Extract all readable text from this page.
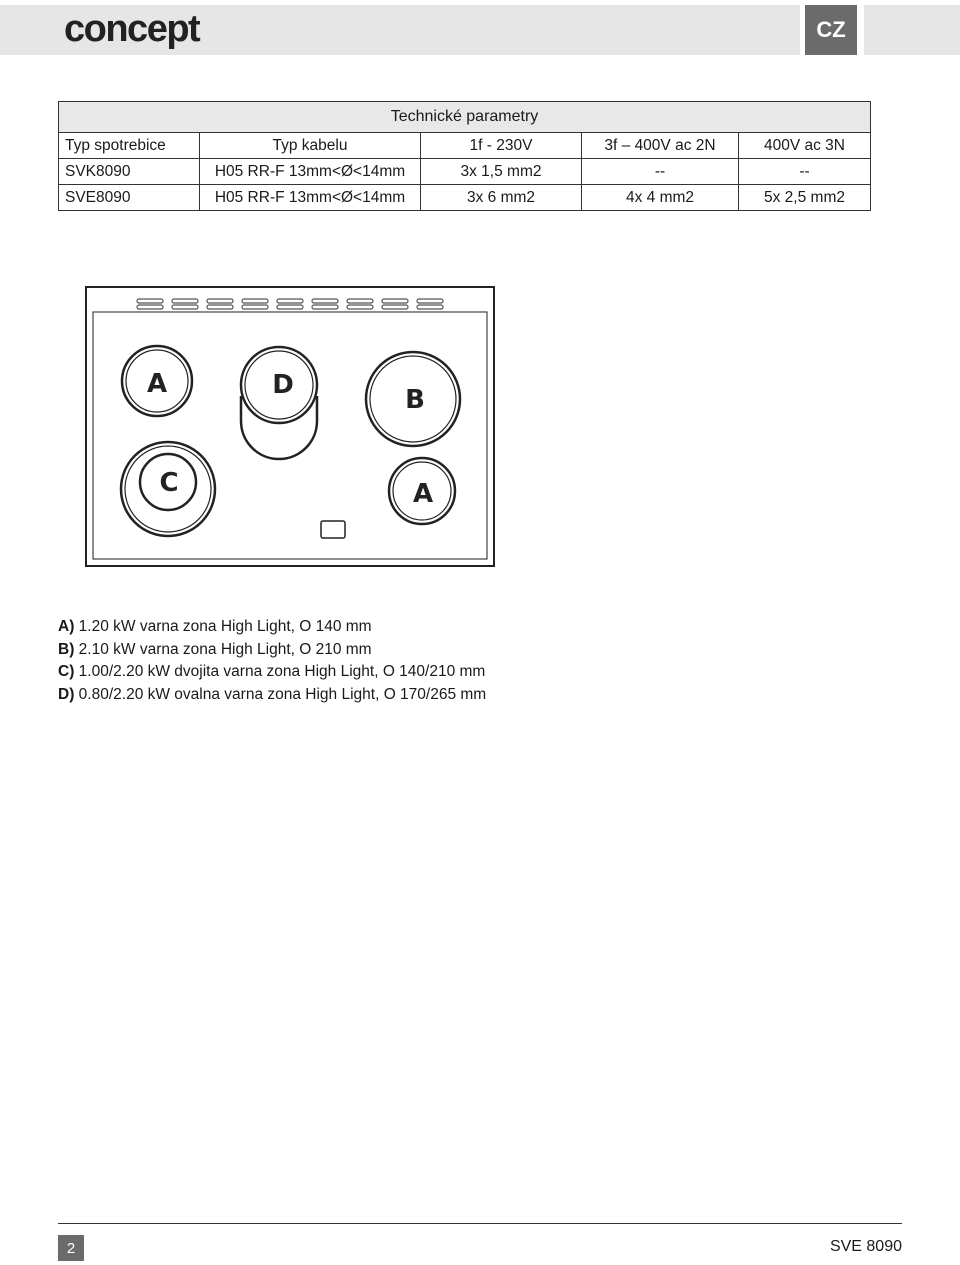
concept	CZ
Technické parametry				
Typ spotrebice	Typ kabelu	1f - 230V	3f – 400V ac 2N	400V ac 3N
SVK8090	H05 RR-F 13mm<Ø<14mm	3x 1,5 mm2	--	--
SVE8090	H05 RR-F 13mm<Ø<14mm	3x 6 mm2	4x 4 mm2	5x 2,5 mm2
A	D	B
C	A
A) 1.20 kW varna zona High Light, O 140 mm
B) 2.10 kW varna zona High Light, O 210 mm
C) 1.00/2.20 kW dvojita varna zona High Light, O 140/210 mm
D) 0.80/2.20 kW ovalna varna zona High Light, O 170/265 mm
2	SVE 8090
